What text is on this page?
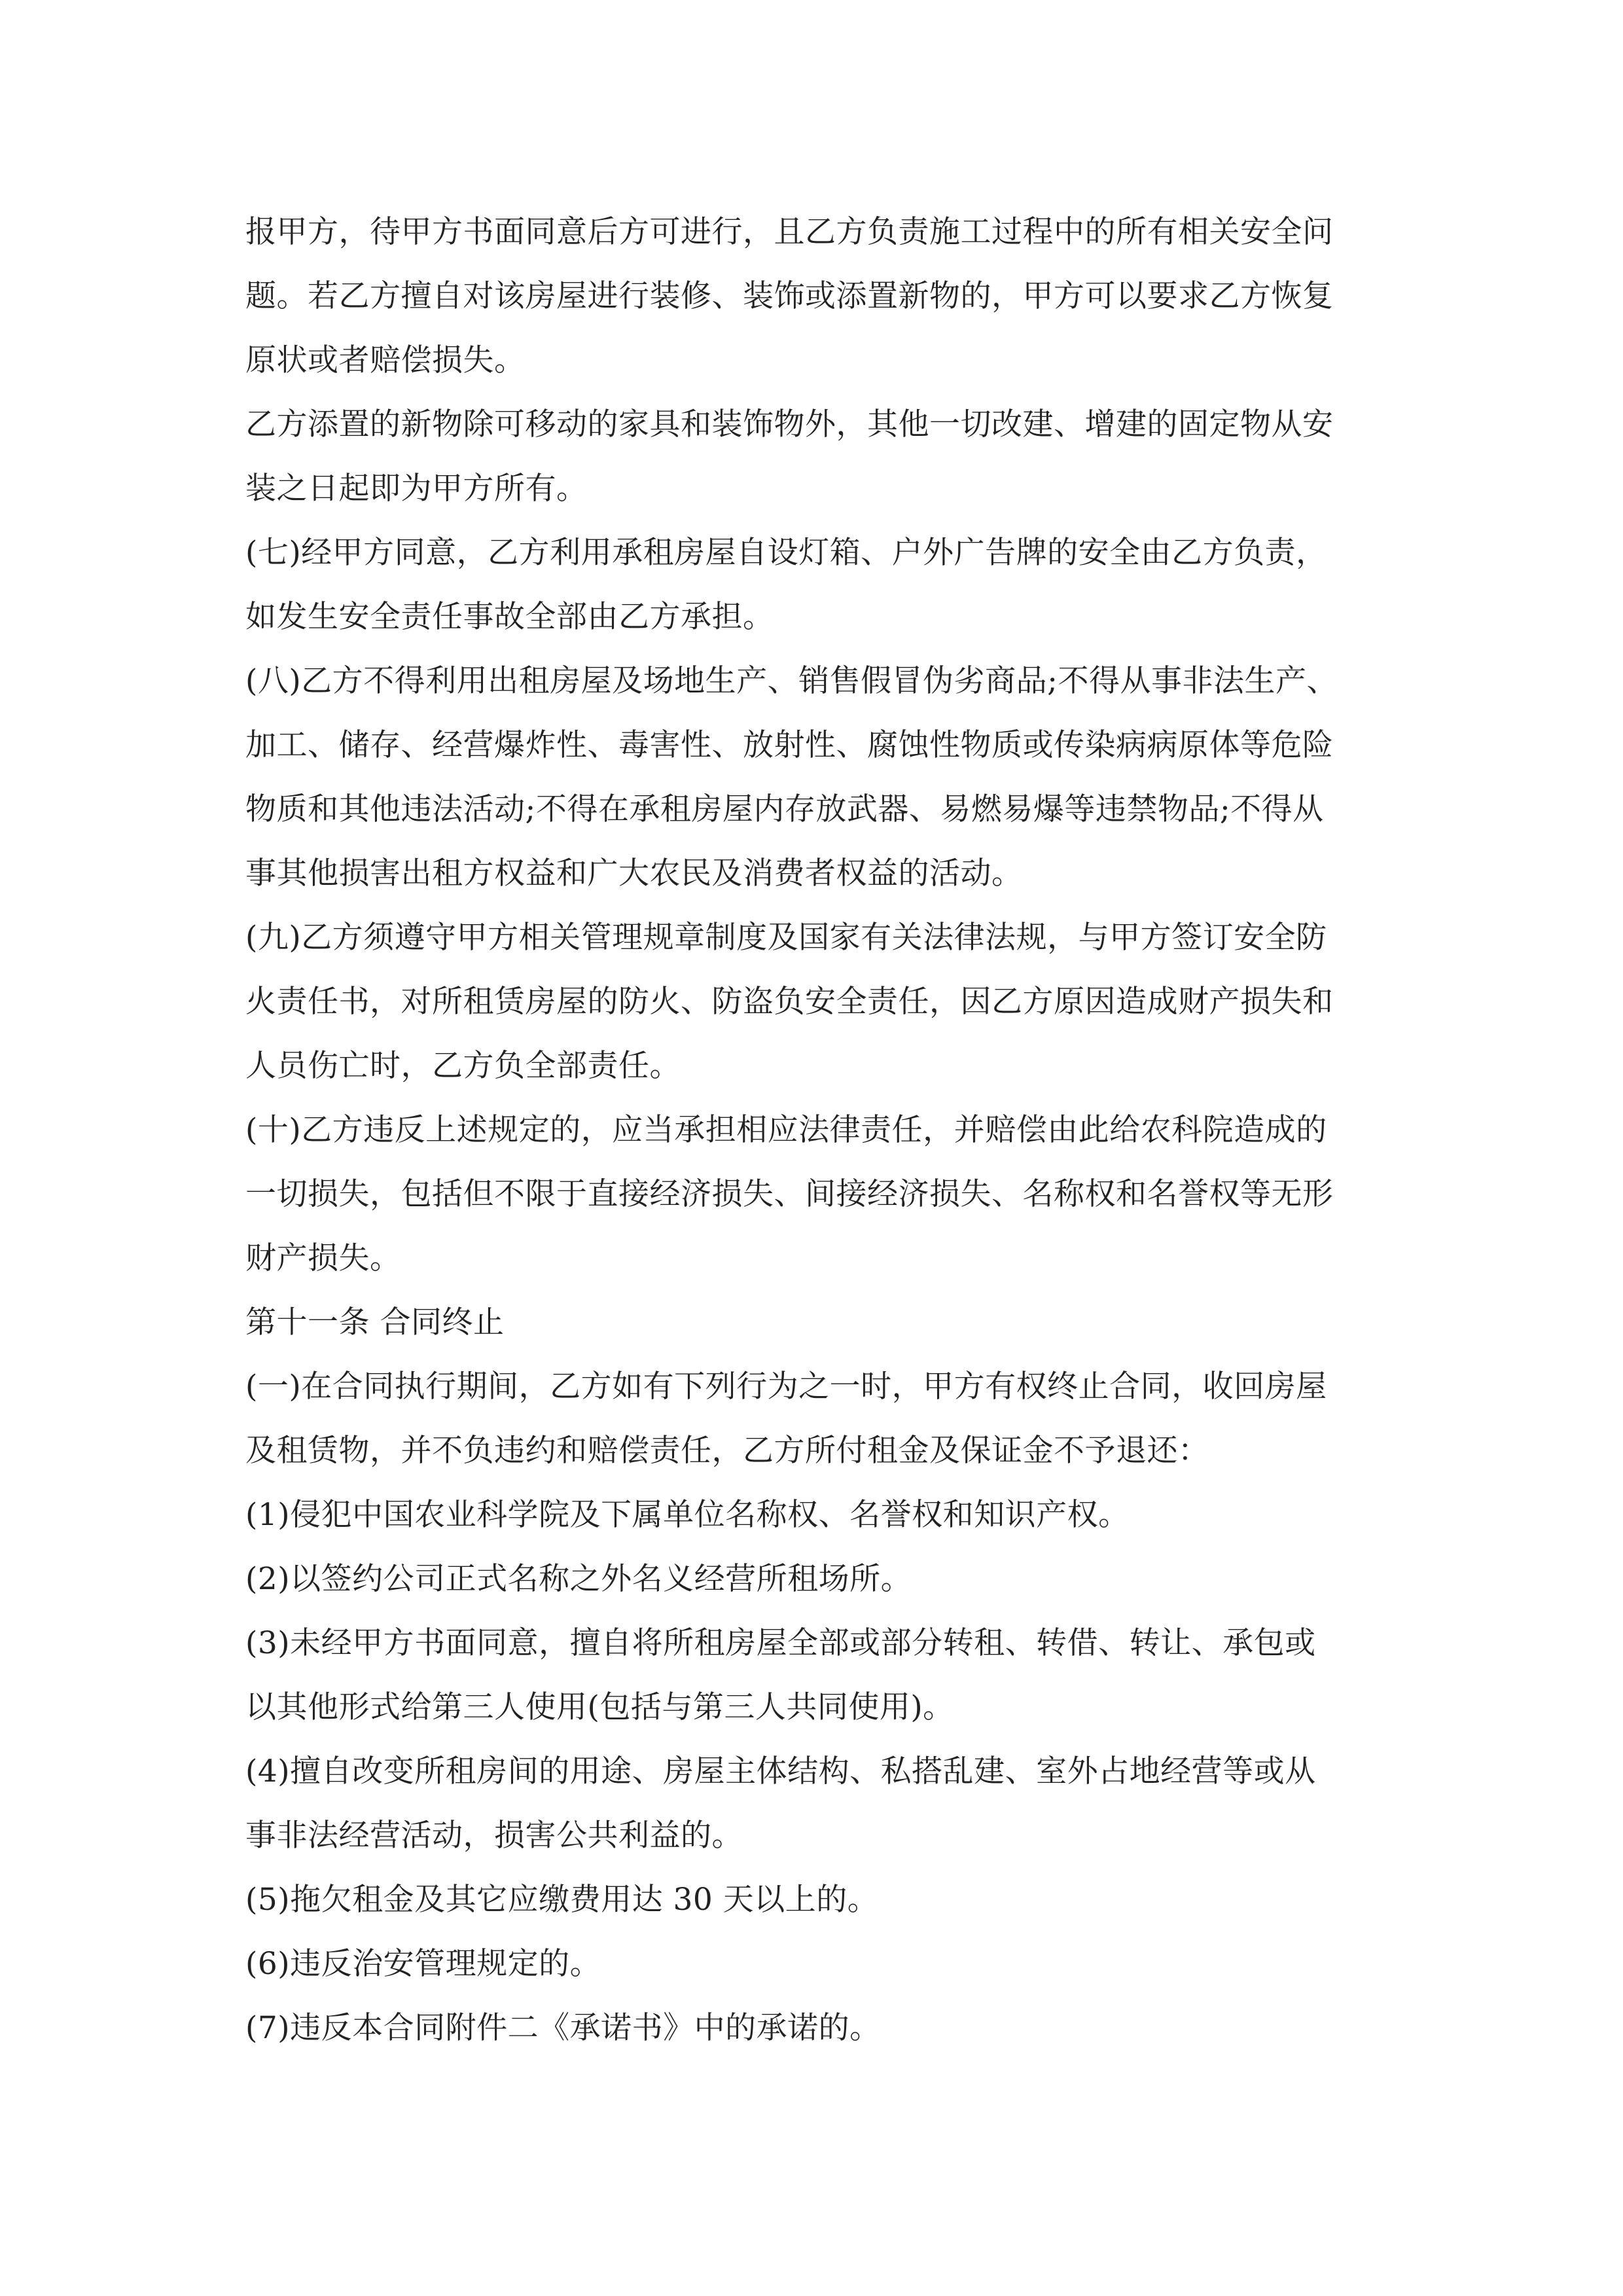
报甲方，待甲方书面同意后方可进行，且乙方负责施工过程中的所有相关安全问
题。若乙方擅自对该房屋进行装修、装饰或添置新物的，甲方可以要求乙方恢复
原状或者赔偿损失。
乙方添置的新物除可移动的家具和装饰物外，其他一切改建、增建的固定物从安
装之日起即为甲方所有。
(七)经甲方同意，乙方利用承租房屋自设灯箱、户外广告牌的安全由乙方负责，
如发生安全责任事故全部由乙方承担。
(八)乙方不得利用出租房屋及场地生产、销售假冒伪劣商品;不得从事非法生产、
加工、储存、经营爆炸性、毒害性、放射性、腐蚀性物质或传染病病原体等危险
物质和其他违法活动;不得在承租房屋内存放武器、易燃易爆等违禁物品;不得从
事其他损害出租方权益和广大农民及消费者权益的活动。
(九)乙方须遵守甲方相关管理规章制度及国家有关法律法规，与甲方签订安全防
火责任书，对所租赁房屋的防火、防盗负安全责任，因乙方原因造成财产损失和
人员伤亡时，乙方负全部责任。
(十)乙方违反上述规定的，应当承担相应法律责任，并赔偿由此给农科院造成的
一切损失，包括但不限于直接经济损失、间接经济损失、名称权和名誉权等无形
财产损失。
第十一条 合同终止
(一)在合同执行期间，乙方如有下列行为之一时，甲方有权终止合同，收回房屋
及租赁物，并不负违约和赔偿责任，乙方所付租金及保证金不予退还：
(1)侵犯中国农业科学院及下属单位名称权、名誉权和知识产权。
(2)以签约公司正式名称之外名义经营所租场所。
(3)未经甲方书面同意，擅自将所租房屋全部或部分转租、转借、转让、承包或
以其他形式给第三人使用(包括与第三人共同使用)。
(4)擅自改变所租房间的用途、房屋主体结构、私搭乱建、室外占地经营等或从
事非法经营活动，损害公共利益的。
(5)拖欠租金及其它应缴费用达 30 天以上的。
(6)违反治安管理规定的。
(7)违反本合同附件二《承诺书》中的承诺的。
